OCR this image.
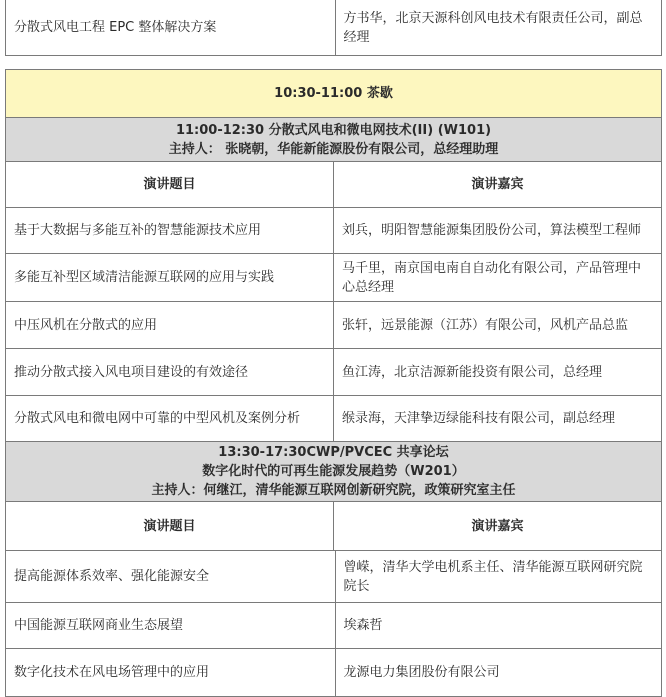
分散式风电工程 EPC 整体解决方案	方书华，北京天源科创风电技术有限责任公司，副总经理
10:30-11:00 茶歇	

11:00-12:30 分散式风电和微电网技术(II) (W101)
主持人： 张晓朝，华能新能源股份有限公司，总经理助理	

演讲题目	演讲嘉宾
基于大数据与多能互补的智慧能源技术应用	刘兵，明阳智慧能源集团股份公司，算法模型工程师
多能互补型区域清洁能源互联网的应用与实践	马千里，南京国电南自自动化有限公司，产品管理中心总经理
中压风机在分散式的应用	张轩，远景能源（江苏）有限公司，风机产品总监
推动分散式接入风电项目建设的有效途径	鱼江涛，北京洁源新能投资有限公司，总经理
分散式风电和微电网中可靠的中型风机及案例分析	缑录海，天津挚迈绿能科技有限公司，副总经理

13:30-17:30CWP/PVCEC 共享论坛
数字化时代的可再生能源发展趋势（W201）
主持人：何继江，清华能源互联网创新研究院，政策研究室主任	

演讲题目	演讲嘉宾
提高能源体系效率、强化能源安全	曾嵘，清华大学电机系主任、清华能源互联网研究院院长
中国能源互联网商业生态展望	埃森哲
数字化技术在风电场管理中的应用	龙源电力集团股份有限公司
